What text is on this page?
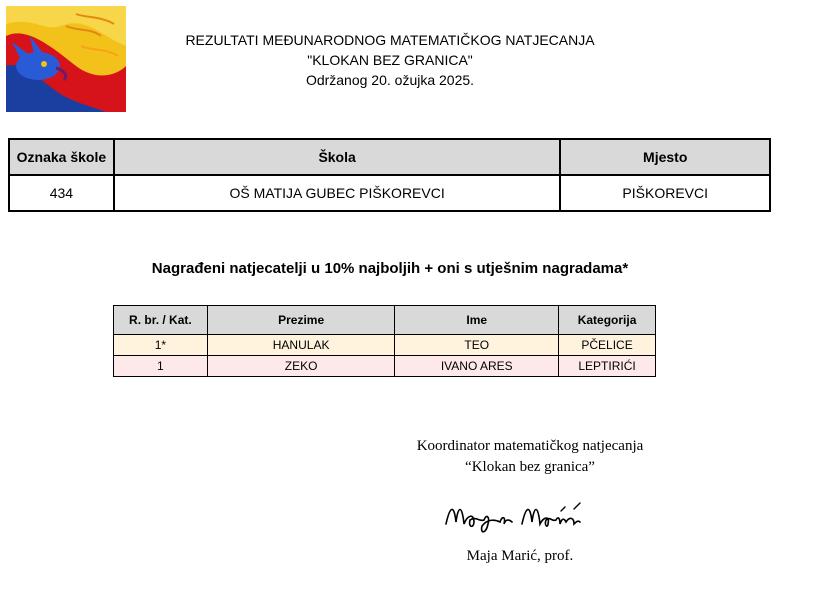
REZULTATI MEĐUNARODNOG MATEMATIČKOG NATJECANJA
"KLOKAN BEZ GRANICA"
Održanog 20. ožujka 2025.
Oznaka škole	Škola	Mjesto
434	OŠ MATIJA GUBEC PIŠKOREVCI	PIŠKOREVCI
Nagrađeni natjecatelji u 10% najboljih + oni s utješnim nagradama*
R. br. / Kat.	Prezime	Ime	Kategorija
1*	HANULAK	TEO	PČELICE
1	ZEKO	IVANO ARES	LEPTIRIĆI
Koordinator matematičkog natjecanja
“Klokan bez granica”
Maja Marić, prof.
